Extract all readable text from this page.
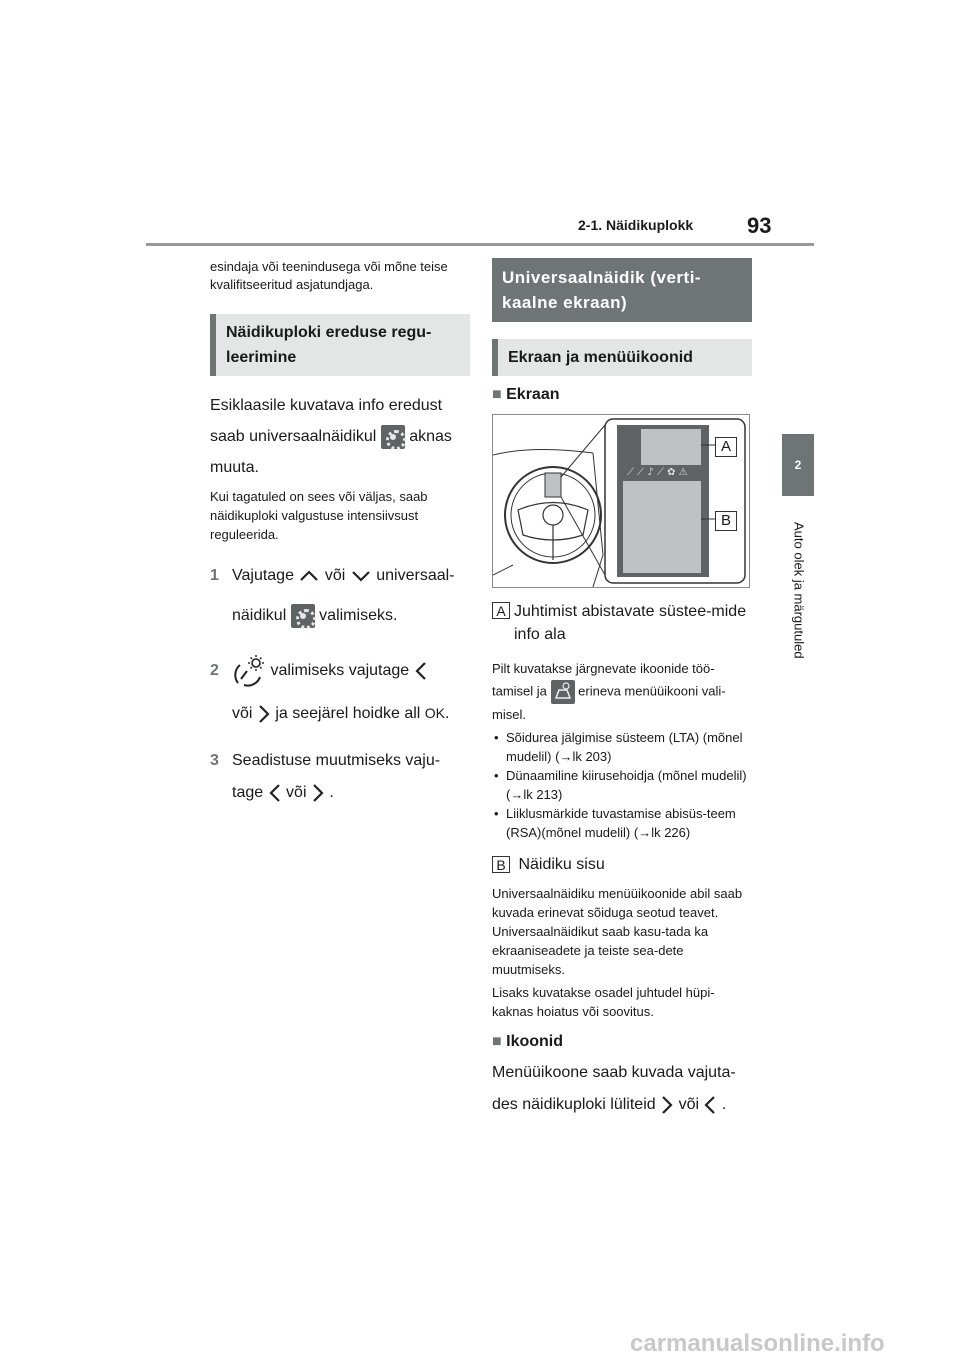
2-1. Näidikuplokk 93
2
Auto olek ja märgutuled

esindaja või teenindusega või mõne teise kvalifitseeritud asjatundjaga.

Näidikuploki ereduse regu-leerimine

Esiklaasile kuvatava info eredust saab universaalnäidikul aknas muuta.

Kui tagatuled on sees või väljas, saab näidikuploki valgustuse intensiivsust reguleerida.

1 Vajutage või universaal-
näidikul valimiseks.
2	valimiseks vajutage
või ja seejärel hoidke all OK.
3 Seadistuse muutmiseks vaju-
tage või .
Universaalnäidik (verti-kaalne ekraan)
Ekraan ja menüüikoonid

■ Ekraan

⟋ ⟋ ♪ ⟋ ✿ ⚠
A
B
A Juhtimist abistavate süstee-mide info ala

Pilt kuvatakse järgnevate ikoonide töö-tamisel ja erineva menüüikooni vali-misel.

• Sõidurea jälgimise süsteem (LTA) (mõnel mudelil) (→lk 203)
• Dünaamiline kiirusehoidja (mõnel mudelil) (→lk 213)
• Liiklusmärkide tuvastamise abisüs-teem (RSA)(mõnel mudelil) (→lk 226)
B Näidiku sisu

Universaalnäidiku menüüikoonide abil saab kuvada erinevat sõiduga seotud teavet. Universaalnäidikut saab kasu-tada ka ekraaniseadete ja teiste sea-dete muutmiseks.

Lisaks kuvatakse osadel juhtudel hüpi-kaknas hoiatus või soovitus.

■ Ikoonid

Menüüikoone saab kuvada vajuta-
des näidikuploki lüliteid või .

carmanualsonline.info
